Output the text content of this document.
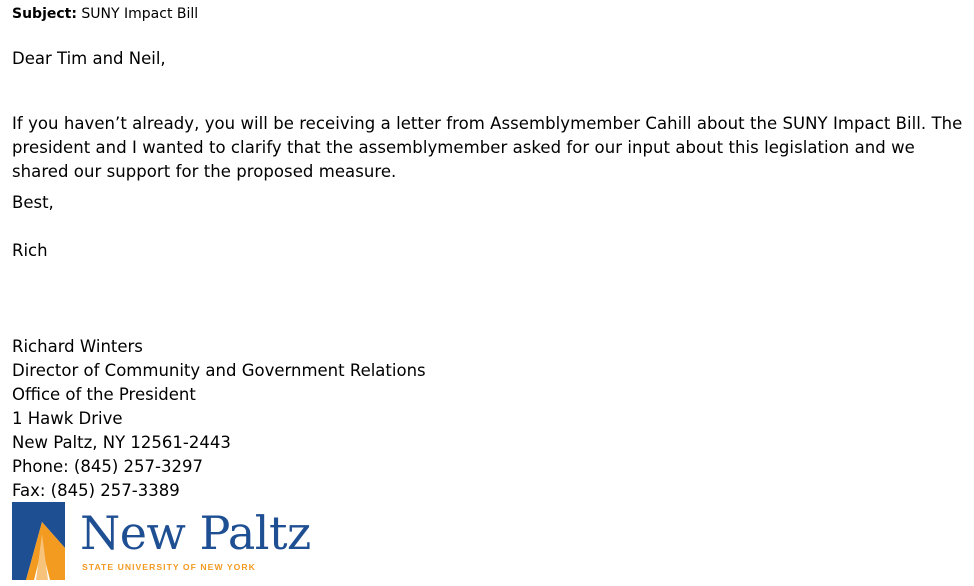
Subject: SUNY Impact Bill

Dear Tim and Neil,

If you haven’t already, you will be receiving a letter from Assemblymember Cahill about the SUNY Impact Bill. The president and I wanted to clarify that the assemblymember asked for our input about this legislation and we shared our support for the proposed measure.

Best,

Rich

Richard Winters
Director of Community and Government Relations
Office of the President
1 Hawk Drive
New Paltz, NY 12561-2443
Phone: (845) 257-3297
Fax: (845) 257-3389
New Paltz
STATE UNIVERSITY OF NEW YORK
